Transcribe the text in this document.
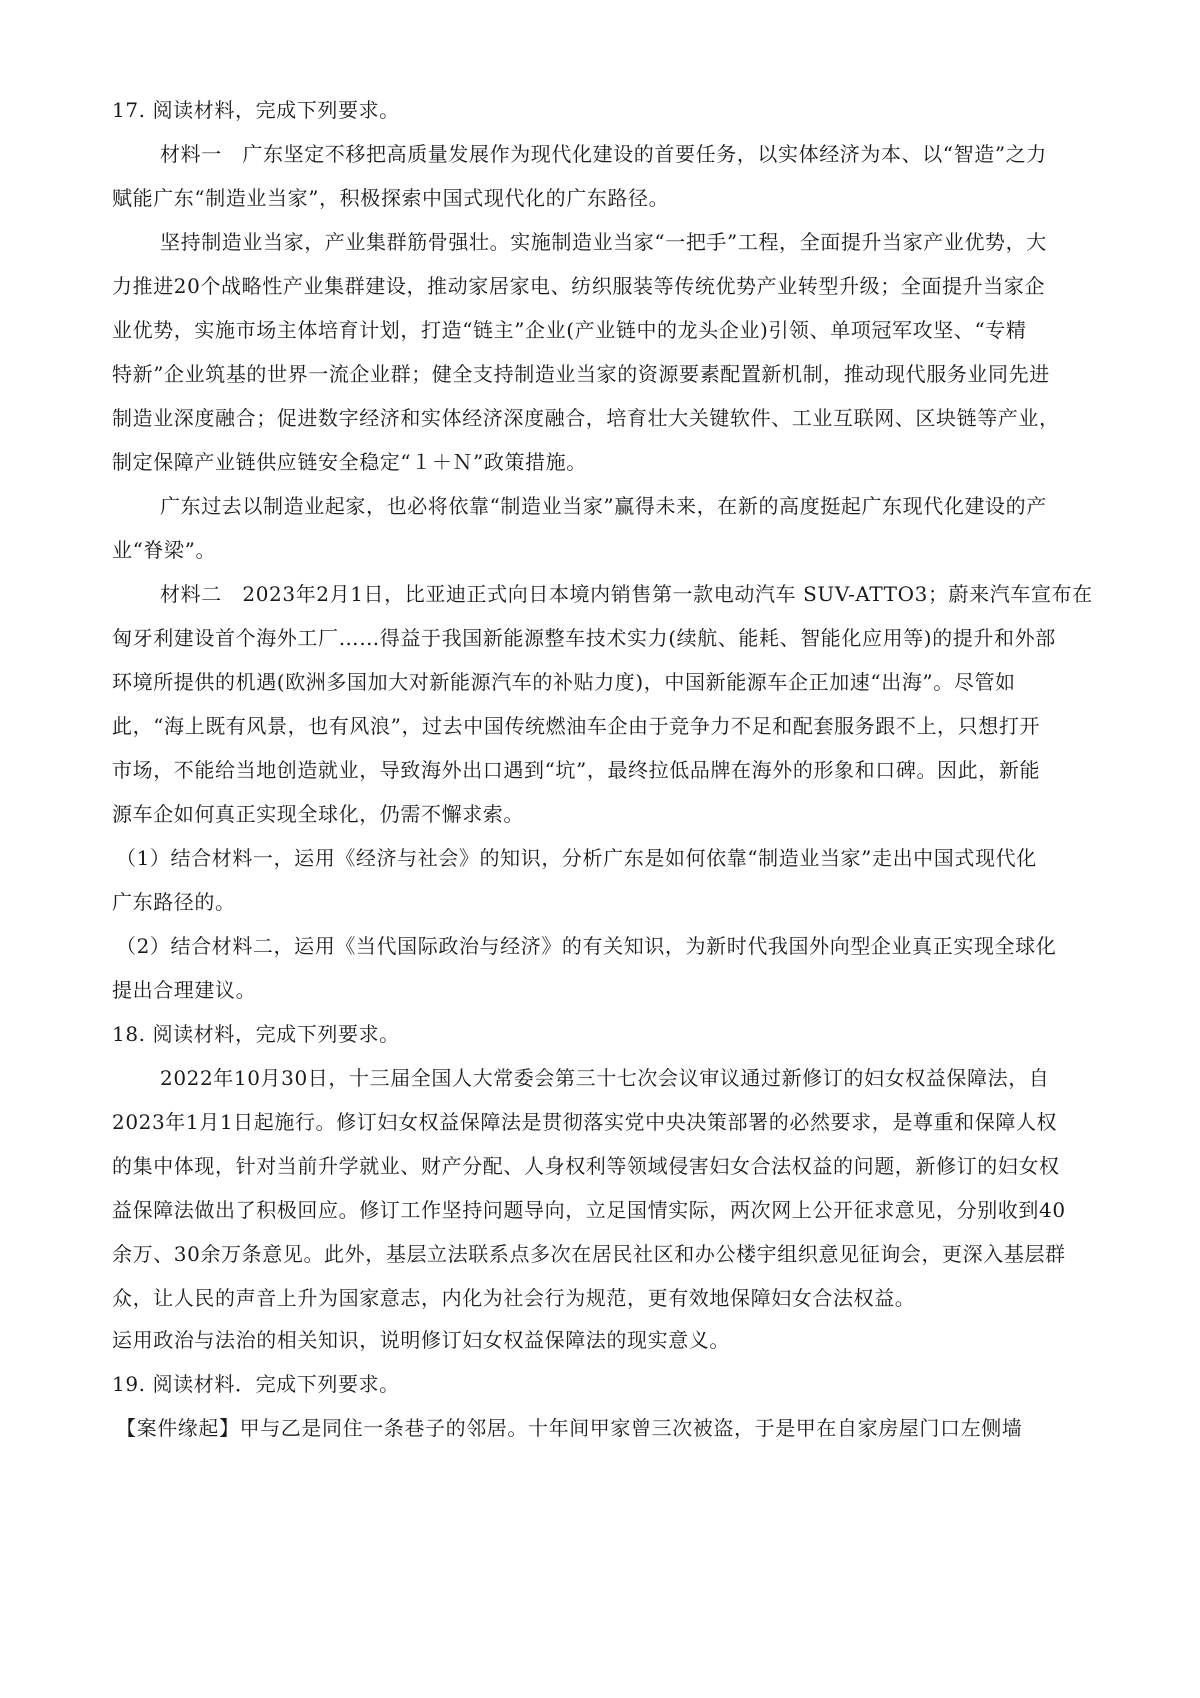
17. 阅读材料，完成下列要求。
材料一　广东坚定不移把高质量发展作为现代化建设的首要任务，以实体经济为本、以“智造”之力
赋能广东“制造业当家”，积极探索中国式现代化的广东路径。
坚持制造业当家，产业集群筋骨强壮。实施制造业当家“一把手”工程，全面提升当家产业优势，大
力推进20个战略性产业集群建设，推动家居家电、纺织服装等传统优势产业转型升级；全面提升当家企
业优势，实施市场主体培育计划，打造“链主”企业(产业链中的龙头企业)引领、单项冠军攻坚、“专精
特新”企业筑基的世界一流企业群；健全支持制造业当家的资源要素配置新机制，推动现代服务业同先进
制造业深度融合；促进数字经济和实体经济深度融合，培育壮大关键软件、工业互联网、区块链等产业，
制定保障产业链供应链安全稳定“１＋Ｎ”政策措施。
广东过去以制造业起家，也必将依靠“制造业当家”赢得未来，在新的高度挺起广东现代化建设的产
业“脊梁”。
材料二　2023年2月1日，比亚迪正式向日本境内销售第一款电动汽车 SUV-ATTO3；蔚来汽车宣布在
匈牙利建设首个海外工厂……得益于我国新能源整车技术实力(续航、能耗、智能化应用等)的提升和外部
环境所提供的机遇(欧洲多国加大对新能源汽车的补贴力度)，中国新能源车企正加速“出海”。尽管如
此，“海上既有风景，也有风浪”，过去中国传统燃油车企由于竞争力不足和配套服务跟不上，只想打开
市场，不能给当地创造就业，导致海外出口遇到“坑”，最终拉低品牌在海外的形象和口碑。因此，新能
源车企如何真正实现全球化，仍需不懈求索。
（1）结合材料一，运用《经济与社会》的知识，分析广东是如何依靠“制造业当家”走出中国式现代化
广东路径的。
（2）结合材料二，运用《当代国际政治与经济》的有关知识，为新时代我国外向型企业真正实现全球化
提出合理建议。
18. 阅读材料，完成下列要求。
2022年10月30日，十三届全国人大常委会第三十七次会议审议通过新修订的妇女权益保障法，自
2023年1月1日起施行。修订妇女权益保障法是贯彻落实党中央决策部署的必然要求，是尊重和保障人权
的集中体现，针对当前升学就业、财产分配、人身权利等领域侵害妇女合法权益的问题，新修订的妇女权
益保障法做出了积极回应。修订工作坚持问题导向，立足国情实际，两次网上公开征求意见，分别收到40
余万、30余万条意见。此外，基层立法联系点多次在居民社区和办公楼宇组织意见征询会，更深入基层群
众，让人民的声音上升为国家意志，内化为社会行为规范，更有效地保障妇女合法权益。
运用政治与法治的相关知识，说明修订妇女权益保障法的现实意义。
19. 阅读材料．完成下列要求。
【案件缘起】甲与乙是同住一条巷子的邻居。十年间甲家曾三次被盗，于是甲在自家房屋门口左侧墙
